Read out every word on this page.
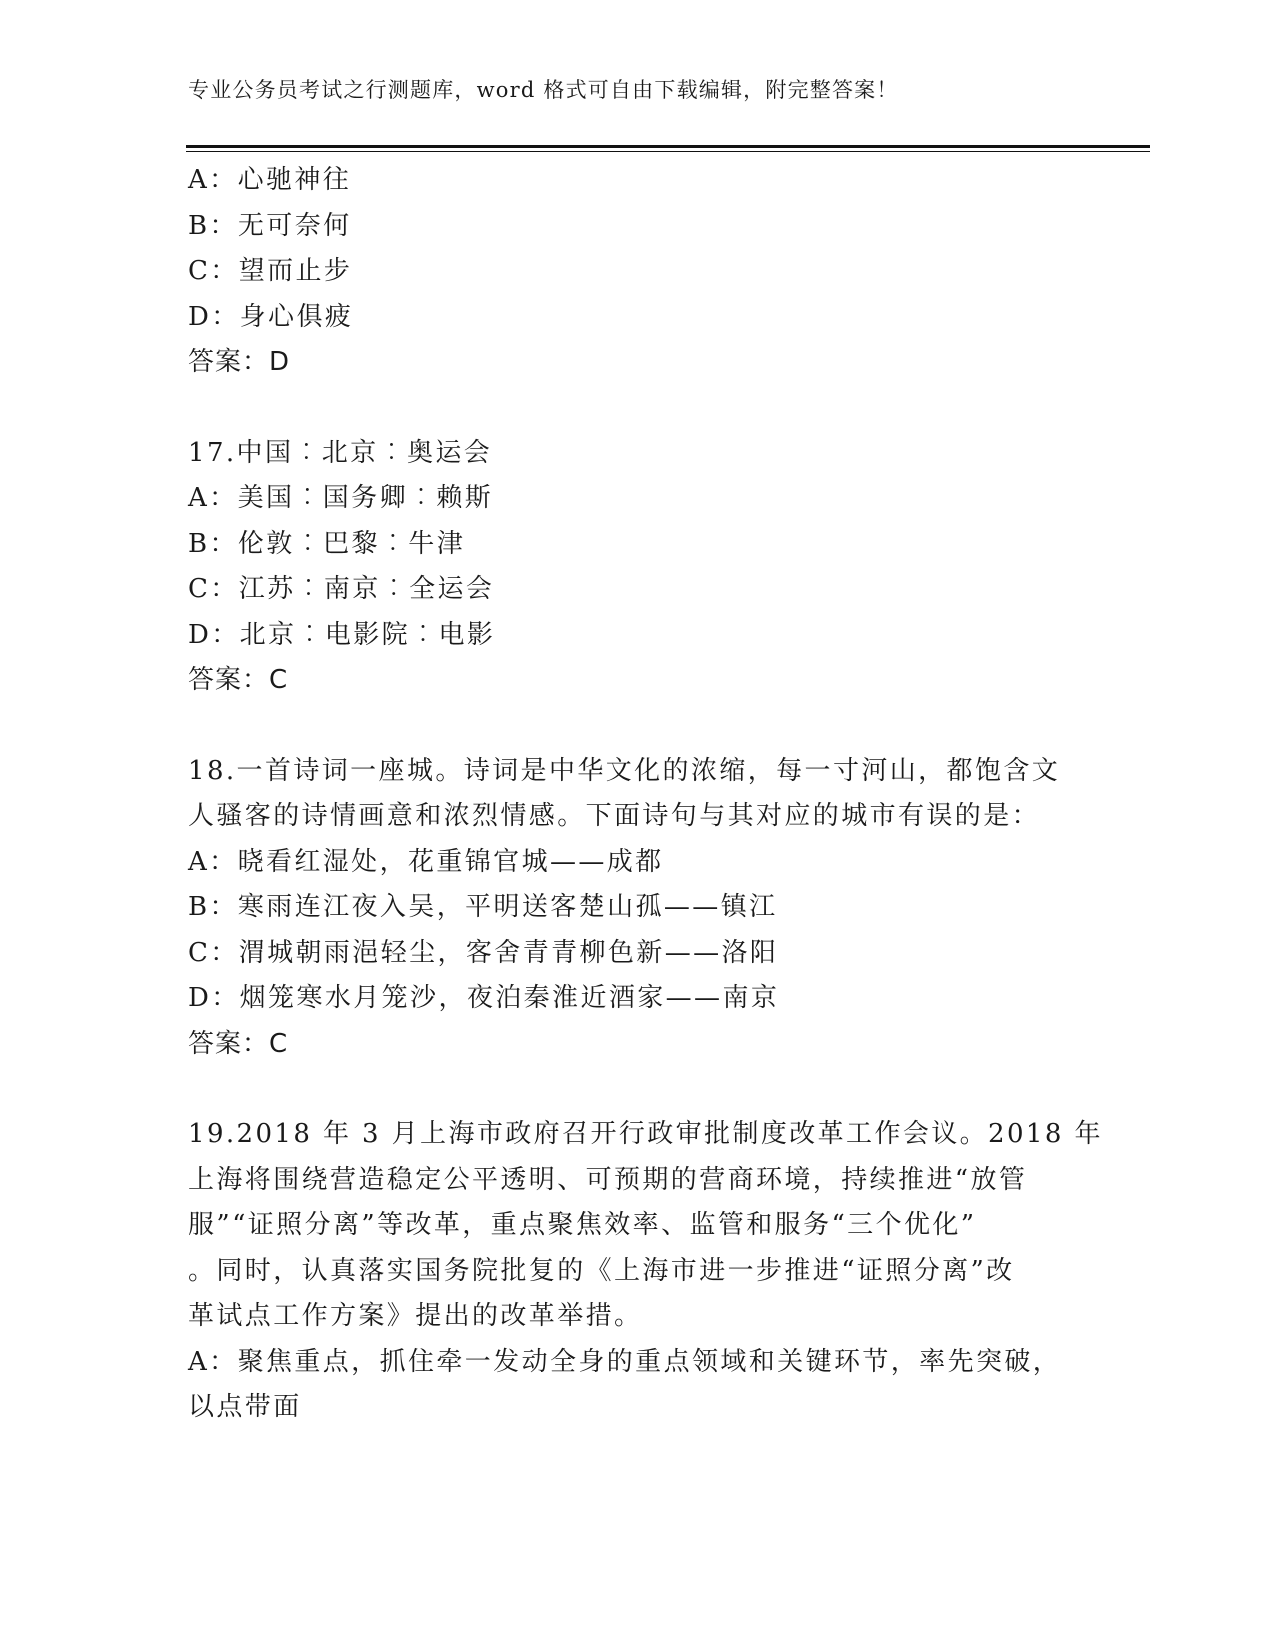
专业公务员考试之行测题库，word 格式可自由下载编辑，附完整答案！
A：心驰神往
B：无可奈何
C：望而止步
D：身心俱疲
答案：D
17.中国︰北京︰奥运会
A：美国︰国务卿︰赖斯
B：伦敦︰巴黎︰牛津
C：江苏︰南京︰全运会
D：北京︰电影院︰电影
答案：C
18.一首诗词一座城。诗词是中华文化的浓缩，每一寸河山，都饱含文
人骚客的诗情画意和浓烈情感。下面诗句与其对应的城市有误的是：
A：晓看红湿处，花重锦官城——成都
B：寒雨连江夜入吴，平明送客楚山孤——镇江
C：渭城朝雨浥轻尘，客舍青青柳色新——洛阳
D：烟笼寒水月笼沙，夜泊秦淮近酒家——南京
答案：C
19.2018 年 3 月上海市政府召开行政审批制度改革工作会议。2018 年
上海将围绕营造稳定公平透明、可预期的营商环境，持续推进“放管
服”“证照分离”等改革，重点聚焦效率、监管和服务“三个优化”
。同时，认真落实国务院批复的《上海市进一步推进“证照分离”改
革试点工作方案》提出的改革举措。
A：聚焦重点，抓住牵一发动全身的重点领域和关键环节，率先突破，
以点带面
